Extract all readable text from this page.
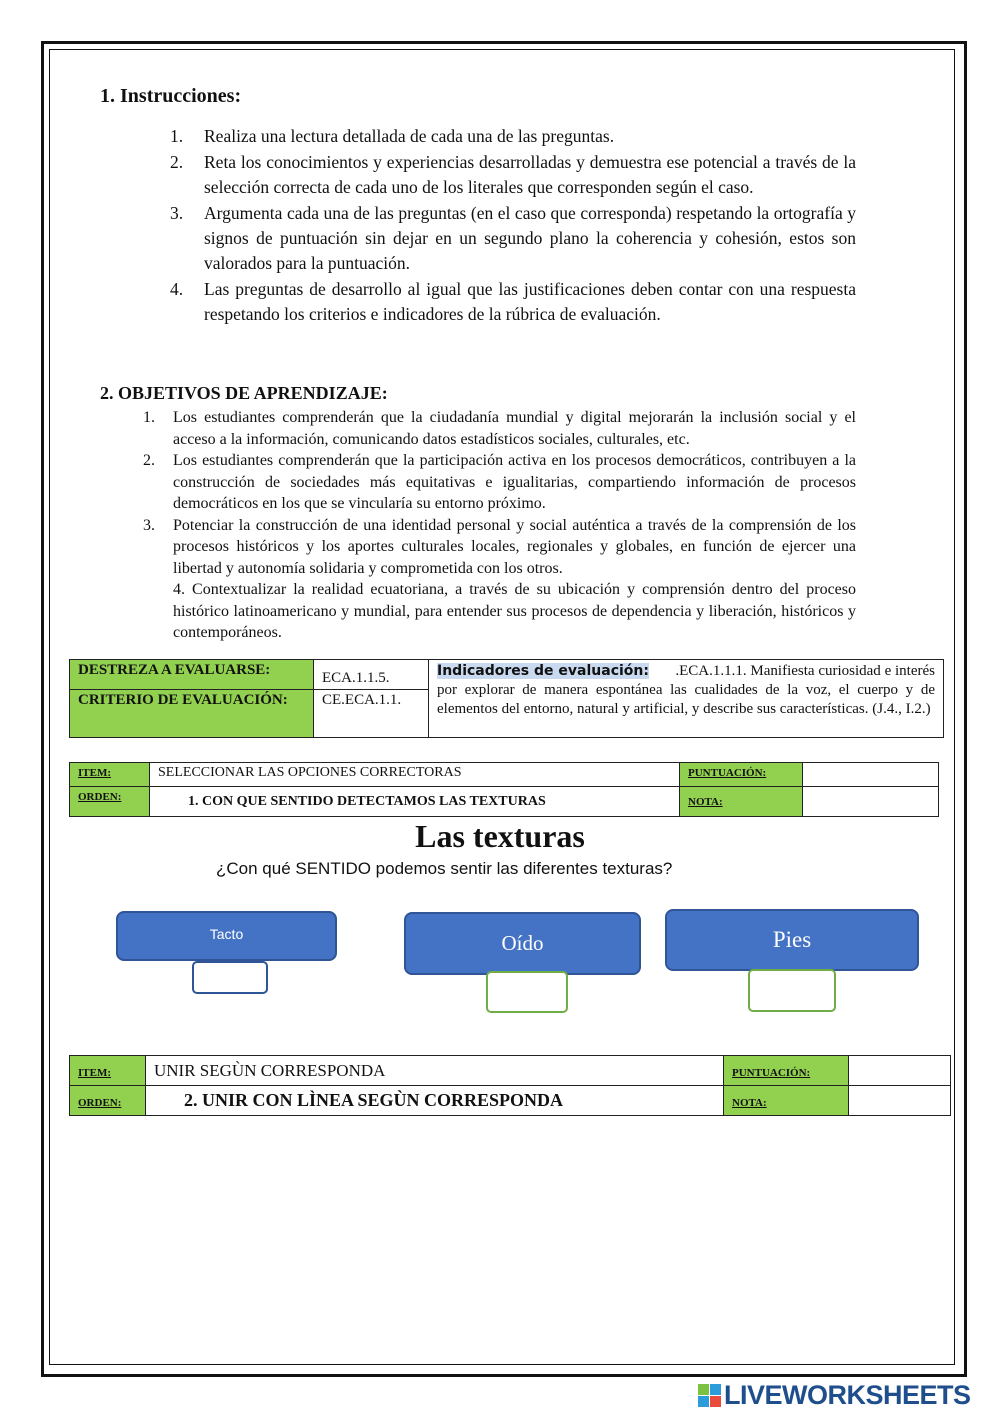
1. Instrucciones:
1. Realiza una lectura detallada de cada una de las preguntas.
2. Reta los conocimientos y experiencias desarrolladas y demuestra ese potencial a través de la selección correcta de cada uno de los literales que corresponden según el caso.
3. Argumenta cada una de las preguntas (en el caso que corresponda) respetando la ortografía y signos de puntuación sin dejar en un segundo plano la coherencia y cohesión, estos son valorados para la puntuación.
4. Las preguntas de desarrollo al igual que las justificaciones deben contar con una respuesta respetando los criterios e indicadores de la rúbrica de evaluación.
2. OBJETIVOS DE APRENDIZAJE:
1. Los estudiantes comprenderán que la ciudadanía mundial y digital mejorarán la inclusión social y el acceso a la información, comunicando datos estadísticos sociales, culturales, etc.
2. Los estudiantes comprenderán que la participación activa en los procesos democráticos, contribuyen a la construcción de sociedades más equitativas e igualitarias, compartiendo información de procesos democráticos en los que se vincularía su entorno próximo.
3. Potenciar la construcción de una identidad personal y social auténtica a través de la comprensión de los procesos históricos y los aportes culturales locales, regionales y globales, en función de ejercer una libertad y autonomía solidaria y comprometida con los otros.
4. Contextualizar la realidad ecuatoriana, a través de su ubicación y comprensión dentro del proceso histórico latinoamericano y mundial, para entender sus procesos de dependencia y liberación, históricos y contemporáneos.
DESTREZA A EVALUARSE:	ECA.1.1.5.	Indicadores de evaluación: .ECA.1.1.1. Manifiesta curiosidad e interés por explorar de manera espontánea las cualidades de la voz, el cuerpo y de elementos del entorno, natural y artificial, y describe sus características. (J.4., I.2.)
CRITERIO DE EVALUACIÓN:	CE.ECA.1.1.	
ITEM:	SELECCIONAR LAS OPCIONES CORRECTORAS	PUNTUACIÓN:	
ORDEN:	1. CON QUE SENTIDO DETECTAMOS LAS TEXTURAS	NOTA:	
Las texturas
¿Con qué SENTIDO podemos sentir las diferentes texturas?
Tacto	Oído	Pies
ITEM:	UNIR SEGÙN CORRESPONDA	PUNTUACIÓN:	
ORDEN:	2. UNIR CON LÌNEA SEGÙN CORRESPONDA	NOTA:	
LIVEWORKSHEETS
